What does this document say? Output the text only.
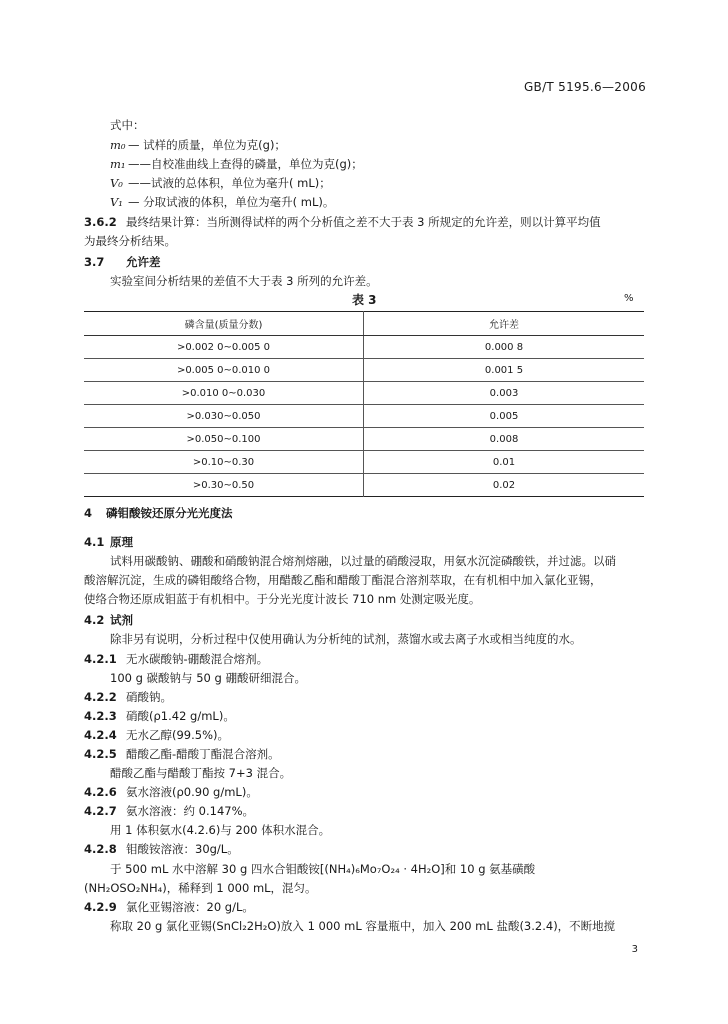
GB/T 5195.6—2006
式中：
m₀ — 试样的质量，单位为克(g)；
m₁ ——自校准曲线上查得的磷量，单位为克(g)；
V₀ ——试液的总体积，单位为毫升( mL)；
V₁ — 分取试液的体积，单位为毫升( mL)。
3.6.2 最终结果计算：当所测得试样的两个分析值之差不大于表 3 所规定的允许差，则以计算平均值
为最终分析结果。
3.7 允许差
实验室间分析结果的差值不大于表 3 所列的允许差。
表 3	%
磷含量(质量分数)	允许差
>0.002 0~0.005 0	0.000 8
>0.005 0~0.010 0	0.001 5
>0.010 0~0.030	0.003
>0.030~0.050	0.005
>0.050~0.100	0.008
>0.10~0.30	0.01
>0.30~0.50	0.02
4 磷钼酸铵还原分光光度法
4.1 原理
试料用碳酸钠、硼酸和硝酸钠混合熔剂熔融，以过量的硝酸浸取，用氨水沉淀磷酸铁，并过滤。以硝
酸溶解沉淀，生成的磷钼酸络合物，用醋酸乙酯和醋酸丁酯混合溶剂萃取，在有机相中加入氯化亚锡，
使络合物还原成钼蓝于有机相中。于分光光度计波长 710 nm 处测定吸光度。
4.2 试剂
除非另有说明，分析过程中仅使用确认为分析纯的试剂，蒸馏水或去离子水或相当纯度的水。
4.2.1 无水碳酸钠-硼酸混合熔剂。
100 g 碳酸钠与 50 g 硼酸研细混合。
4.2.2 硝酸钠。
4.2.3 硝酸(ρ1.42 g/mL)。
4.2.4 无水乙醇(99.5%)。
4.2.5 醋酸乙酯-醋酸丁酯混合溶剂。
醋酸乙酯与醋酸丁酯按 7+3 混合。
4.2.6 氨水溶液(ρ0.90 g/mL)。
4.2.7 氨水溶液：约 0.147%。
用 1 体积氨水(4.2.6)与 200 体积水混合。
4.2.8 钼酸铵溶液：30g/L。
于 500 mL 水中溶解 30 g 四水合钼酸铵[(NH₄)₆Mo₇O₂₄ · 4H₂O]和 10 g 氨基磺酸
(NH₂OSO₂NH₄)，稀释到 1 000 mL，混匀。
4.2.9 氯化亚锡溶液：20 g/L。
称取 20 g 氯化亚锡(SnCl₂2H₂O)放入 1 000 mL 容量瓶中，加入 200 mL 盐酸(3.2.4)，不断地搅
3
